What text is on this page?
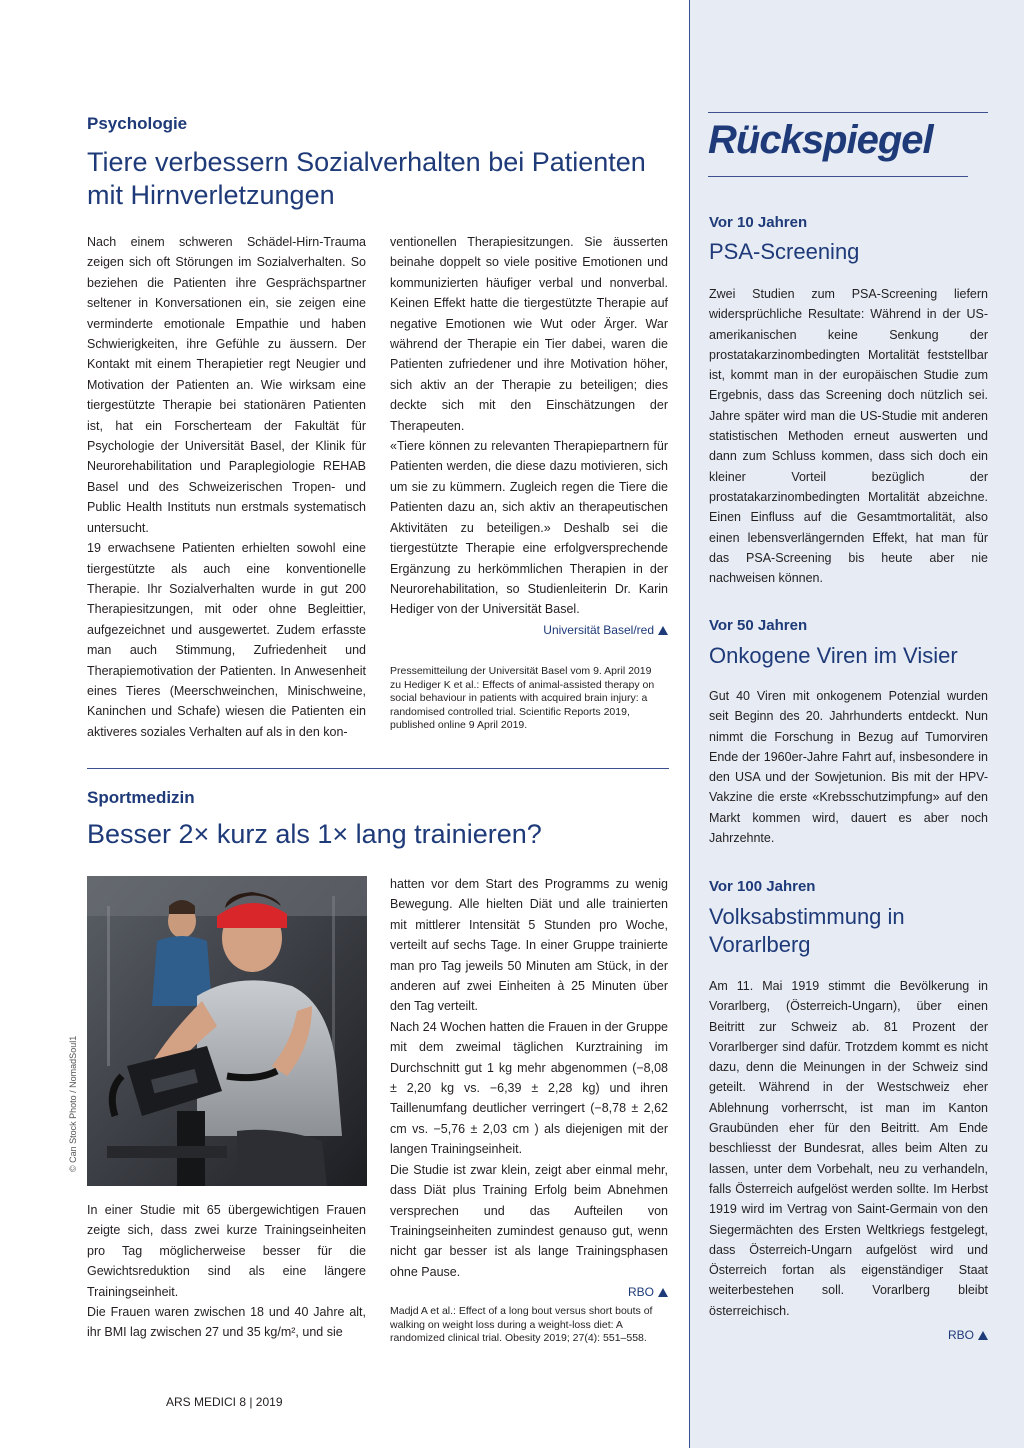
Psychologie
Tiere verbessern Sozialverhalten bei Patienten mit Hirnverletzungen

Nach einem schweren Schädel-Hirn-Trauma zeigen sich oft Störungen im Sozialverhalten. So beziehen die Patienten ihre Gesprächspartner seltener in Konversationen ein, sie zeigen eine verminderte emotionale Empathie und haben Schwierigkeiten, ihre Gefühle zu äussern. Der Kontakt mit einem Therapietier regt Neugier und Motivation der Patienten an. Wie wirksam eine tiergestützte Therapie bei stationären Patienten ist, hat ein Forscherteam der Fakultät für Psychologie der Universität Basel, der Klinik für Neurorehabilitation und Paraplegiologie REHAB Basel und des Schweizerischen Tropen- und Public Health Instituts nun erstmals systematisch untersucht.

19 erwachsene Patienten erhielten sowohl eine tiergestützte als auch eine konventionelle Therapie. Ihr Sozialverhalten wurde in gut 200 Therapiesitzungen, mit oder ohne Begleittier, aufgezeichnet und ausgewertet. Zudem erfasste man auch Stimmung, Zufriedenheit und Therapiemotivation der Patienten. In Anwesenheit eines Tieres (Meerschweinchen, Minischweine, Kaninchen und Schafe) wiesen die Patienten ein aktiveres soziales Verhalten auf als in den kon-

ventionellen Therapiesitzungen. Sie äusserten beinahe doppelt so viele positive Emotionen und kommunizierten häufiger verbal und nonverbal. Keinen Effekt hatte die tiergestützte Therapie auf negative Emotionen wie Wut oder Ärger. War während der Therapie ein Tier dabei, waren die Patienten zufriedener und ihre Motivation höher, sich aktiv an der Therapie zu beteiligen; dies deckte sich mit den Einschätzungen der Therapeuten.

«Tiere können zu relevanten Therapiepartnern für Patienten werden, die diese dazu motivieren, sich um sie zu kümmern. Zugleich regen die Tiere die Patienten dazu an, sich aktiv an therapeutischen Aktivitäten zu beteiligen.» Deshalb sei die tiergestützte Therapie eine erfolgversprechende Ergänzung zu herkömmlichen Therapien in der Neurorehabilitation, so Studienleiterin Dr. Karin Hediger von der Universität Basel.

Universität Basel/red
Pressemitteilung der Universität Basel vom 9. April 2019
zu Hediger K et al.: Effects of animal-assisted therapy on social behaviour in patients with acquired brain injury: a randomised controlled trial. Scientific Reports 2019, published online 9 April 2019.
Sportmedizin
Besser 2× kurz als 1× lang trainieren?
© Can Stock Photo / NomadSoul1

In einer Studie mit 65 übergewichtigen Frauen zeigte sich, dass zwei kurze Trainingseinheiten pro Tag möglicherweise besser für die Gewichtsreduktion sind als eine längere Trainingseinheit.

Die Frauen waren zwischen 18 und 40 Jahre alt, ihr BMI lag zwischen 27 und 35 kg/m², und sie

hatten vor dem Start des Programms zu wenig Bewegung. Alle hielten Diät und alle trainierten mit mittlerer Intensität 5 Stunden pro Woche, verteilt auf sechs Tage. In einer Gruppe trainierte man pro Tag jeweils 50 Minuten am Stück, in der anderen auf zwei Einheiten à 25 Minuten über den Tag verteilt.

Nach 24 Wochen hatten die Frauen in der Gruppe mit dem zweimal täglichen Kurztraining im Durchschnitt gut 1 kg mehr abgenommen (−8,08 ± 2,20 kg vs. −6,39 ± 2,28 kg) und ihren Taillenumfang deutlicher verringert (−8,78 ± 2,62 cm vs. −5,76 ± 2,03 cm ) als diejenigen mit der langen Trainingseinheit.

Die Studie ist zwar klein, zeigt aber einmal mehr, dass Diät plus Training Erfolg beim Abnehmen versprechen und das Aufteilen von Trainingseinheiten zumindest genauso gut, wenn nicht gar besser ist als lange Trainingsphasen ohne Pause.

RBO
Madjd A et al.: Effect of a long bout versus short bouts of walking on weight loss during a weight-loss diet: A randomized clinical trial. Obesity 2019; 27(4): 551–558.
Rückspiegel
Vor 10 Jahren
PSA-Screening

Zwei Studien zum PSA-Screening liefern widersprüchliche Resultate: Während in der US-amerikanischen keine Senkung der prostatakarzinombedingten Mortalität feststellbar ist, kommt man in der europäischen Studie zum Ergebnis, dass das Screening doch nützlich sei. Jahre später wird man die US-Studie mit anderen statistischen Methoden erneut auswerten und dann zum Schluss kommen, dass sich doch ein kleiner Vorteil bezüglich der prostatakarzinombedingten Mortalität abzeichne. Einen Einfluss auf die Gesamtmortalität, also einen lebensverlängernden Effekt, hat man für das PSA-Screening bis heute aber nie nachweisen können.

Vor 50 Jahren
Onkogene Viren im Visier

Gut 40 Viren mit onkogenem Potenzial wurden seit Beginn des 20. Jahrhunderts entdeckt. Nun nimmt die Forschung in Bezug auf Tumorviren Ende der 1960er-Jahre Fahrt auf, insbesondere in den USA und der Sowjetunion. Bis mit der HPV-Vakzine die erste «Krebsschutzimpfung» auf den Markt kommen wird, dauert es aber noch Jahrzehnte.

Vor 100 Jahren
Volksabstimmung in Vorarlberg

Am 11. Mai 1919 stimmt die Bevölkerung in Vorarlberg, (Österreich-Ungarn), über einen Beitritt zur Schweiz ab. 81 Prozent der Vorarlberger sind dafür. Trotzdem kommt es nicht dazu, denn die Meinungen in der Schweiz sind geteilt. Während in der Westschweiz eher Ablehnung vorherrscht, ist man im Kanton Graubünden eher für den Beitritt. Am Ende beschliesst der Bundesrat, alles beim Alten zu lassen, unter dem Vorbehalt, neu zu verhandeln, falls Österreich aufgelöst werden sollte. Im Herbst 1919 wird im Vertrag von Saint-Germain von den Siegermächten des Ersten Weltkriegs festgelegt, dass Österreich-Ungarn aufgelöst wird und Österreich fortan als eigenständiger Staat weiterbestehen soll. Vorarlberg bleibt österreichisch.

RBO
ARS MEDICI 8 | 2019
